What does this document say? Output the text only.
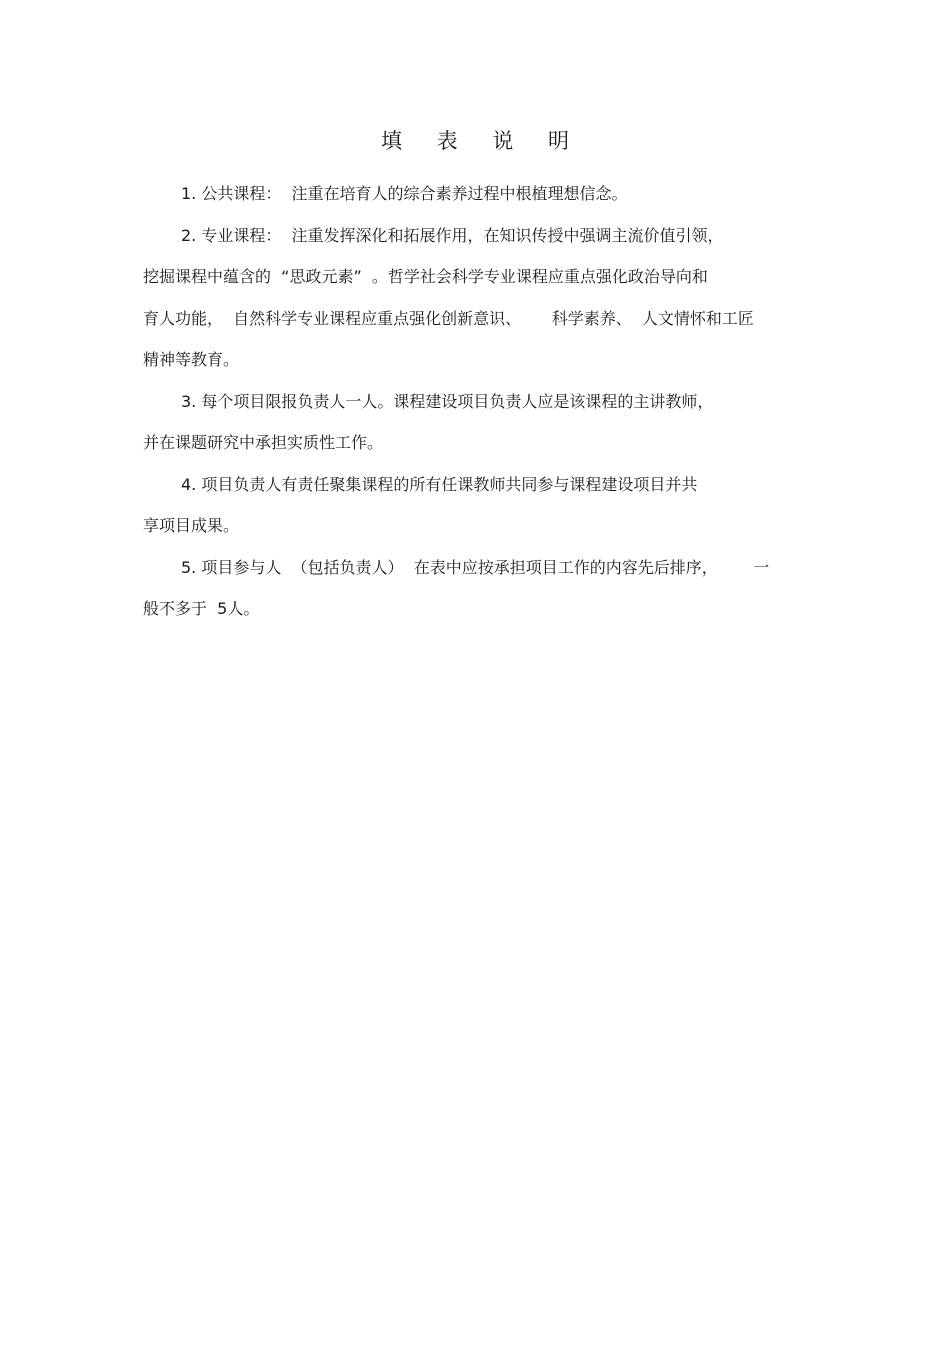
填 表 说 明
1. 公共课程：  注重在培育人的综合素养过程中根植理想信念。
2. 专业课程：  注重发挥深化和拓展作用，在知识传授中强调主流价值引领，
挖掘课程中蕴含的  “思政元素”  。哲学社会科学专业课程应重点强化政治导向和
育人功能，  自然科学专业课程应重点强化创新意识、      科学素养、  人文情怀和工匠
精神等教育。
3. 每个项目限报负责人一人。课程建设项目负责人应是该课程的主讲教师，
并在课题研究中承担实质性工作。
4. 项目负责人有责任聚集课程的所有任课教师共同参与课程建设项目并共
享项目成果。
5. 项目参与人  （包括负责人）  在表中应按承担项目工作的内容先后排序，       一
般不多于  5人。
